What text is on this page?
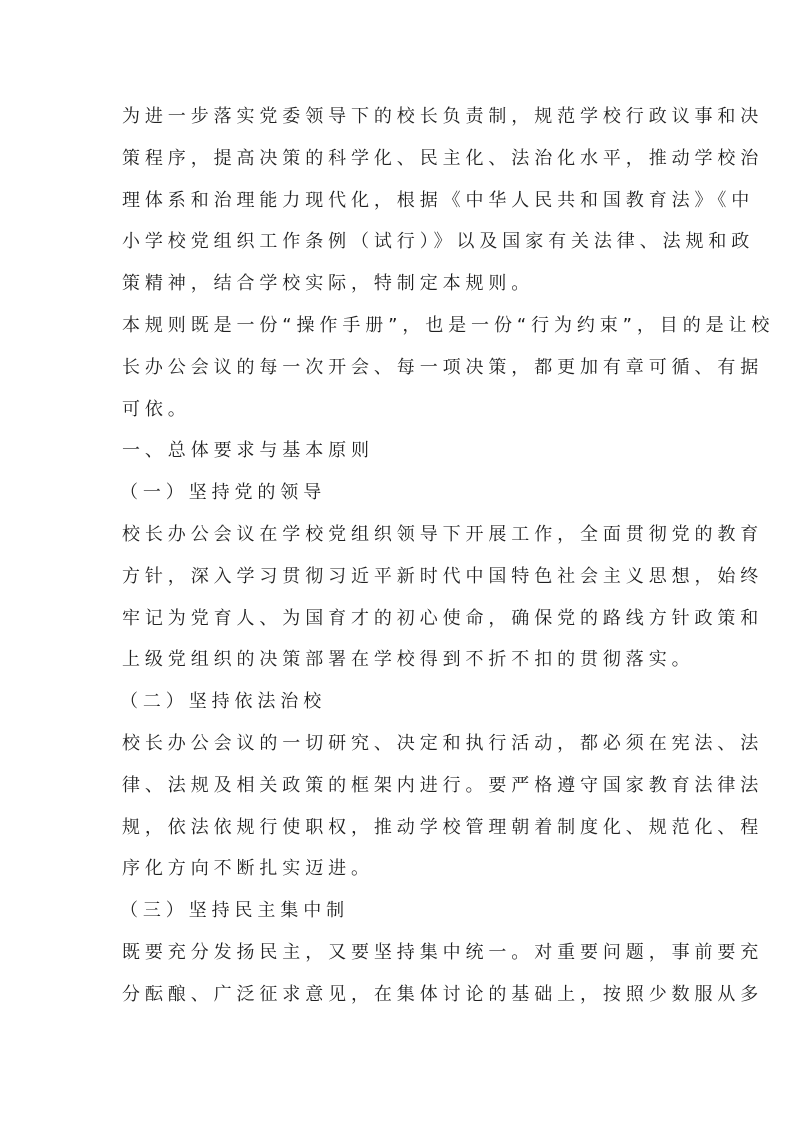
为进一步落实党委领导下的校长负责制，规范学校行政议事和决
策程序，提高决策的科学化、民主化、法治化水平，推动学校治
理体系和治理能力现代化，根据《中华人民共和国教育法》《中
小学校党组织工作条例（试行）》以及国家有关法律、法规和政
策精神，结合学校实际，特制定本规则。
本规则既是一份“操作手册”，也是一份“行为约束”，目的是让校
长办公会议的每一次开会、每一项决策，都更加有章可循、有据
可依。
一、总体要求与基本原则
（一）坚持党的领导
校长办公会议在学校党组织领导下开展工作，全面贯彻党的教育
方针，深入学习贯彻习近平新时代中国特色社会主义思想，始终
牢记为党育人、为国育才的初心使命，确保党的路线方针政策和
上级党组织的决策部署在学校得到不折不扣的贯彻落实。
（二）坚持依法治校
校长办公会议的一切研究、决定和执行活动，都必须在宪法、法
律、法规及相关政策的框架内进行。要严格遵守国家教育法律法
规，依法依规行使职权，推动学校管理朝着制度化、规范化、程
序化方向不断扎实迈进。
（三）坚持民主集中制
既要充分发扬民主，又要坚持集中统一。对重要问题，事前要充
分酝酿、广泛征求意见，在集体讨论的基础上，按照少数服从多
